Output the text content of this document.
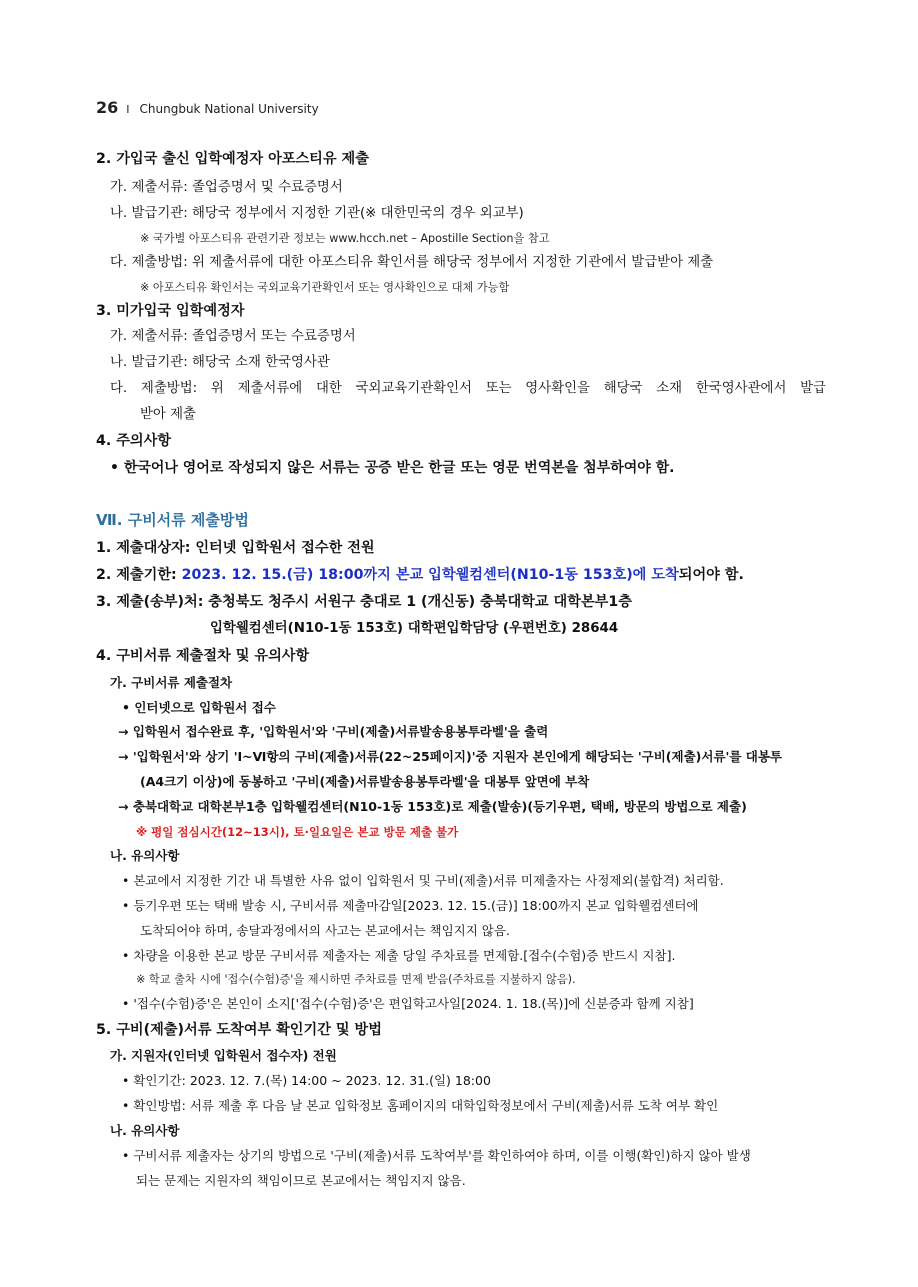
26 I Chungbuk National University
2. 가입국 출신 입학예정자 아포스티유 제출
가. 제출서류: 졸업증명서 및 수료증명서
나. 발급기관: 해당국 정부에서 지정한 기관(※ 대한민국의 경우 외교부)
※ 국가별 아포스티유 관련기관 정보는 www.hcch.net – Apostille Section을 참고
다. 제출방법: 위 제출서류에 대한 아포스티유 확인서를 해당국 정부에서 지정한 기관에서 발급받아 제출
※ 아포스티유 확인서는 국외교육기관확인서 또는 영사확인으로 대체 가능함
3. 미가입국 입학예정자
가. 제출서류: 졸업증명서 또는 수료증명서
나. 발급기관: 해당국 소재 한국영사관
다. 제출방법: 위 제출서류에 대한 국외교육기관확인서 또는 영사확인을 해당국 소재 한국영사관에서 발급
받아 제출
4. 주의사항
• 한국어나 영어로 작성되지 않은 서류는 공증 받은 한글 또는 영문 번역본을 첨부하여야 함.
Ⅶ. 구비서류 제출방법
1. 제출대상자: 인터넷 입학원서 접수한 전원
2. 제출기한: 2023. 12. 15.(금) 18:00까지 본교 입학웰컴센터(N10-1동 153호)에 도착되어야 함.
3. 제출(송부)처: 충청북도 청주시 서원구 충대로 1 (개신동) 충북대학교 대학본부1층
입학웰컴센터(N10-1동 153호) 대학편입학담당 (우편번호) 28644
4. 구비서류 제출절차 및 유의사항
가. 구비서류 제출절차
• 인터넷으로 입학원서 접수
→ 입학원서 접수완료 후, '입학원서'와 '구비(제출)서류발송용봉투라벨'을 출력
→ '입학원서'와 상기 'Ⅰ~Ⅵ항의 구비(제출)서류(22~25페이지)'중 지원자 본인에게 해당되는 '구비(제출)서류'를 대봉투
(A4크기 이상)에 동봉하고 '구비(제출)서류발송용봉투라벨'을 대봉투 앞면에 부착
→ 충북대학교 대학본부1층 입학웰컴센터(N10-1동 153호)로 제출(발송)(등기우편, 택배, 방문의 방법으로 제출)
※ 평일 점심시간(12~13시), 토·일요일은 본교 방문 제출 불가
나. 유의사항
• 본교에서 지정한 기간 내 특별한 사유 없이 입학원서 및 구비(제출)서류 미제출자는 사정제외(불합격) 처리함.
• 등기우편 또는 택배 발송 시, 구비서류 제출마감일[2023. 12. 15.(금)] 18:00까지 본교 입학웰컴센터에
도착되어야 하며, 송달과정에서의 사고는 본교에서는 책임지지 않음.
• 차량을 이용한 본교 방문 구비서류 제출자는 제출 당일 주차료를 면제함.[접수(수험)증 반드시 지참].
※ 학교 출차 시에 '접수(수험)증'을 제시하면 주차료를 면제 받음(주차료를 지불하지 않음).
• '접수(수험)증'은 본인이 소지['접수(수험)증'은 편입학고사일[2024. 1. 18.(목)]에 신분증과 함께 지참]
5. 구비(제출)서류 도착여부 확인기간 및 방법
가. 지원자(인터넷 입학원서 접수자) 전원
• 확인기간: 2023. 12. 7.(목) 14:00 ~ 2023. 12. 31.(일) 18:00
• 확인방법: 서류 제출 후 다음 날 본교 입학정보 홈페이지의 대학입학정보에서 구비(제출)서류 도착 여부 확인
나. 유의사항
• 구비서류 제출자는 상기의 방법으로 '구비(제출)서류 도착여부'를 확인하여야 하며, 이를 이행(확인)하지 않아 발생
되는 문제는 지원자의 책임이므로 본교에서는 책임지지 않음.
